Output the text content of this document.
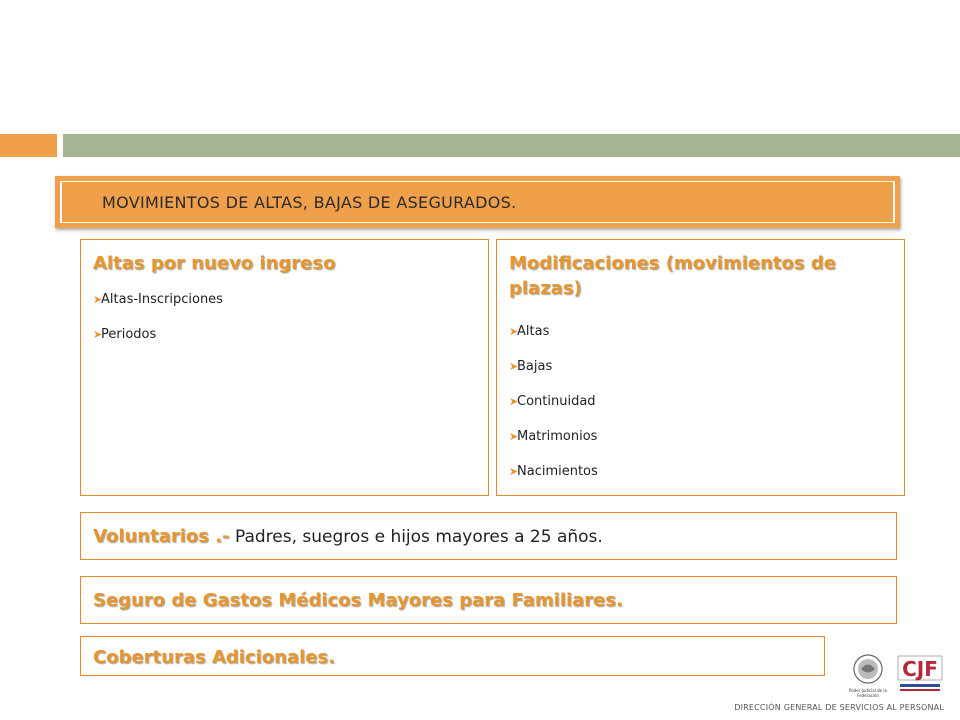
MOVIMIENTOS DE ALTAS, BAJAS DE ASEGURADOS.
Altas por nuevo ingreso
➤
Altas-Inscripciones
➤
Periodos
Modificaciones (movimientos de plazas)
➤
Altas
➤
Bajas
➤
Continuidad
➤
Matrimonios
➤
Nacimientos
Voluntarios .- Padres, suegros e hijos mayores a 25 años.
Seguro de Gastos Médicos Mayores para Familiares.
Coberturas Adicionales.
Poder Judicial de la Federación
CJF
DIRECCIÓN GENERAL DE SERVICIOS AL PERSONAL
